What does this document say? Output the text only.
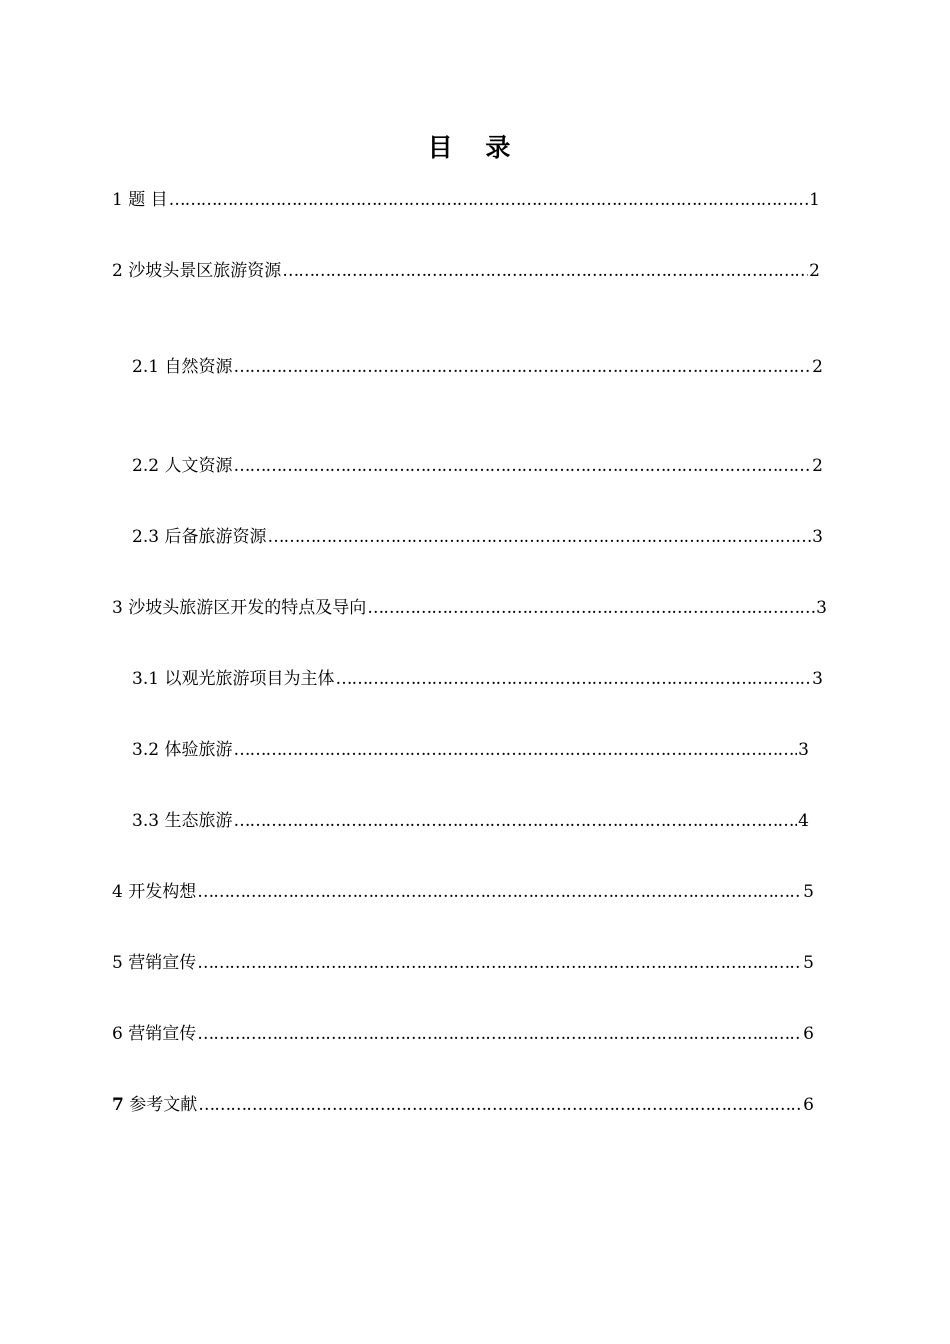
目 录
1 题 目 ……………………………………………………………………………………………………………………………………………………………………	1
2 沙坡头景区旅游资源 ……………………………………………………………………………………………………………………………………………………………………	2
2.1 自然资源 ……………………………………………………………………………………………………………………………………………………………………	2
2.2 人文资源 ……………………………………………………………………………………………………………………………………………………………………	2
2.3 后备旅游资源 ……………………………………………………………………………………………………………………………………………………………………	3
3 沙坡头旅游区开发的特点及导向 ……………………………………………………………………………………………………………………………………………………………………	3
3.1 以观光旅游项目为主体 ……………………………………………………………………………………………………………………………………………………………………	3
3.2 体验旅游 ……………………………………………………………………………………………………………………………………………………………………	3
3.3 生态旅游 ……………………………………………………………………………………………………………………………………………………………………	4
4 开发构想 ……………………………………………………………………………………………………………………………………………………………………	5
5 营销宣传 ……………………………………………………………………………………………………………………………………………………………………	5
6 营销宣传 ……………………………………………………………………………………………………………………………………………………………………	6
7 参考文献 ……………………………………………………………………………………………………………………………………………………………………	6
